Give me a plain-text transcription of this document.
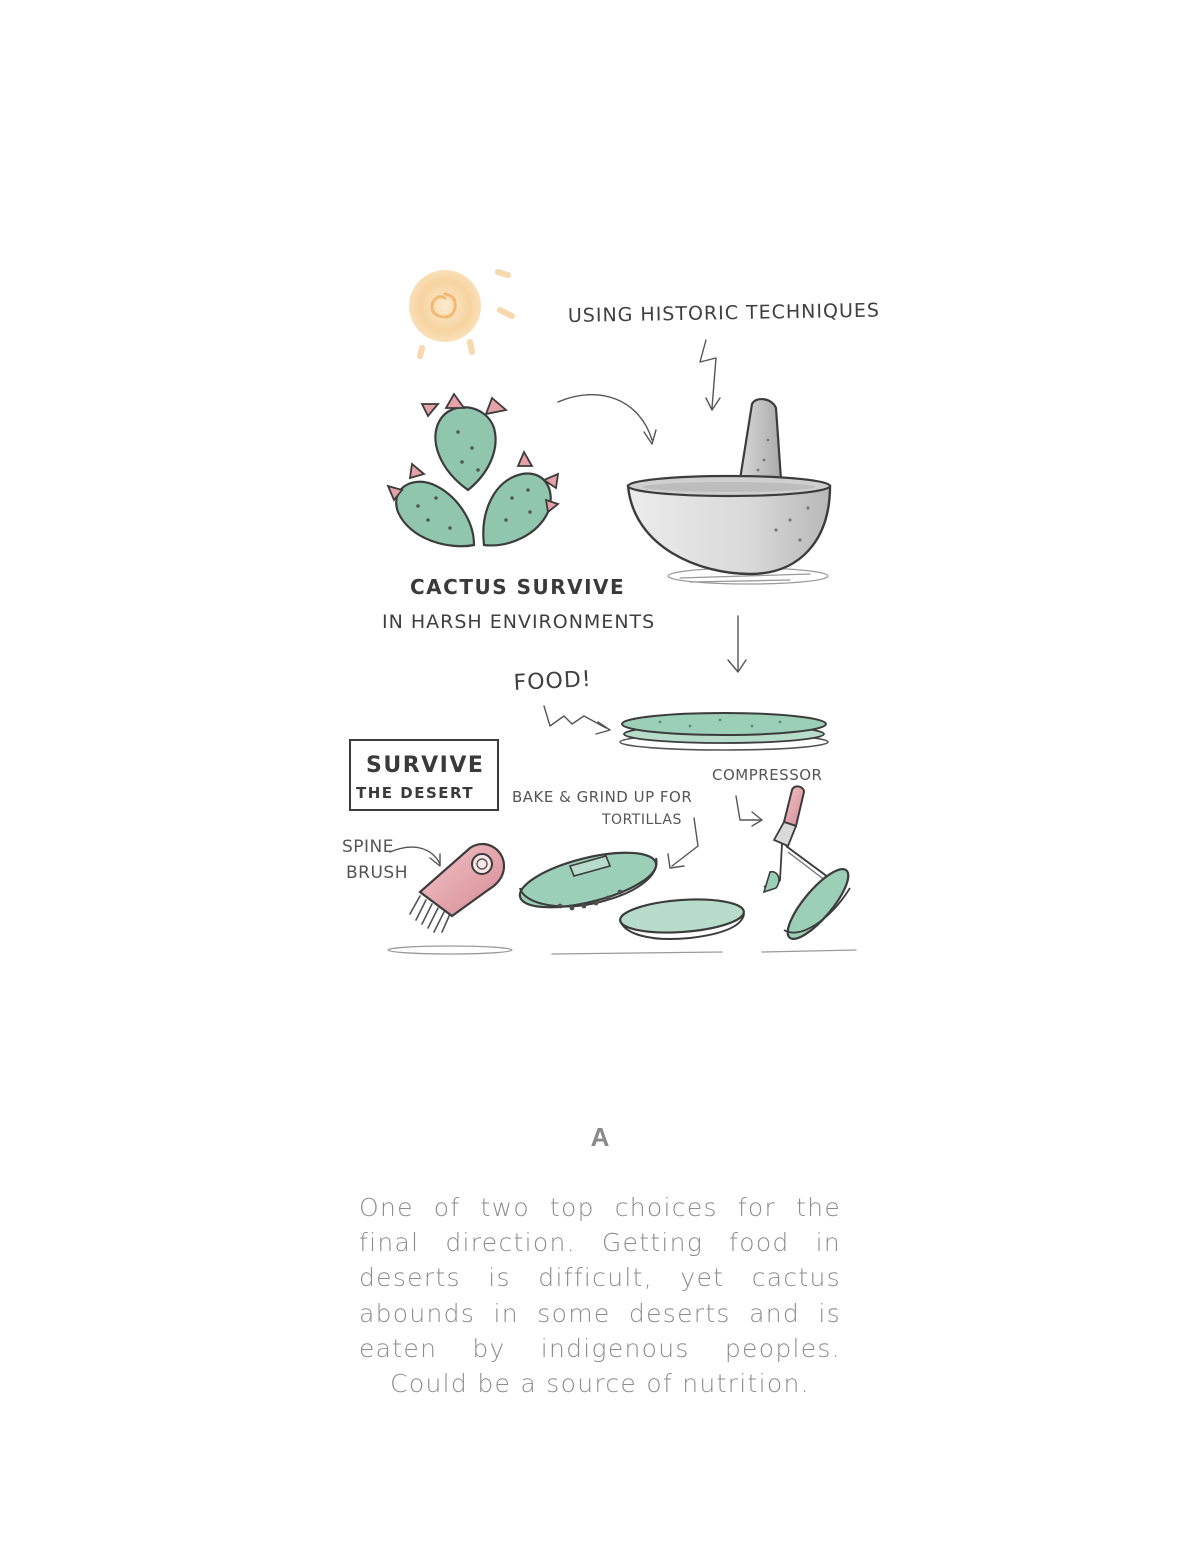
USING HISTORIC TECHNIQUES
CACTUS SURVIVE
IN HARSH ENVIRONMENTS
FOOD!
SURVIVE
THE DESERT	BAKE & GRIND UP FOR
TORTILLAS
COMPRESSOR
SPINE
BRUSH
A

One of two top choices for the final direction. Getting food in deserts is difficult, yet cactus abounds in some deserts and is eaten by indigenous peoples. Could be a source of nutrition.
